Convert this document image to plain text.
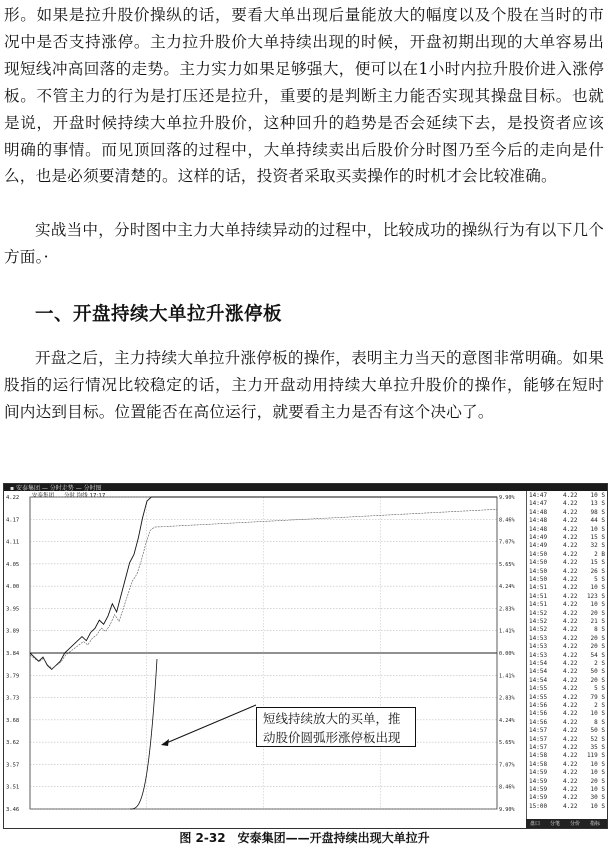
形。如果是拉升股价操纵的话，要看大单出现后量能放大的幅度以及个股在当时的市况中是否支持涨停。主力拉升股价大单持续出现的时候，开盘初期出现的大单容易出现短线冲高回落的走势。主力实力如果足够强大，便可以在1小时内拉升股价进入涨停板。不管主力的行为是打压还是拉升，重要的是判断主力能否实现其操盘目标。也就是说，开盘时候持续大单拉升股价，这种回升的趋势是否会延续下去，是投资者应该明确的事情。而见顶回落的过程中，大单持续卖出后股价分时图乃至今后的走向是什么，也是必须要清楚的。这样的话，投资者采取买卖操作的时机才会比较准确。

实战当中，分时图中主力大单持续异动的过程中，比较成功的操纵行为有以下几个方面。·

一、开盘持续大单拉升涨停板

开盘之后，主力持续大单拉升涨停板的操作，表明主力当天的意图非常明确。如果股指的运行情况比较稳定的话，主力开盘动用持续大单拉升股价的操作，能够在短时间内达到目标。位置能否在高位运行，就要看主力是否有这个决心了。

▪ 安泰集团 — 分时走势 — 分时图
安泰集团 分时 均线 17:17
4.22	9.90%
4.17	8.46%
4.11	7.07%
4.05	5.65%
4.00	4.24%
3.95	2.83%
3.89	1.41%
3.84	0.00%
3.79	1.41%
3.73	2.83%
3.68	4.24%
3.62	5.65%
3.57	7.07%
3.51	8.46%
3.46	9.90%
14:47	4.22 10 S
14:47	4.22 13 S
14:48	4.22 98 S
14:48	4.22 44 S
14:48	4.22 10 S
14:49	4.22 15 S
14:49	4.22 32 S
14:50	4.22	2 B
14:50	4.22 15 S
14:50	4.22 26 S
14:50	4.22	5 S
14:51	4.22 10 S
14:51	4.22 123 S
14:51	4.22 10 S
14:52	4.22 20 S
14:52	4.22 21 S
14:52	4.22	8 S
14:53	4.22 20 S
14:53	4.22 20 S
14:53	4.22 54 S
14:54	4.22	2 S
14:54	4.22 50 S
14:54	4.22 20 S
14:55	4.22	5 S
14:55	4.22 79 S
14:56	4.22	2 S
14:56	4.22 10 S
14:56	4.22	8 S
14:57	4.22 50 S
14:57	4.22 52 S
14:57	4.22 35 S
14:58	4.22 119 S
14:58	4.22 10 S
14:59	4.22 10 S
14:59	4.22 20 S
14:59	4.22 10 S
14:59	4.22 30 S
15:00	4.22 10 S
盘口 分笔 分价 指标
短线持续放大的买单，推动股价圆弧形涨停板出现
图 2-32 安泰集团——开盘持续出现大单拉升
